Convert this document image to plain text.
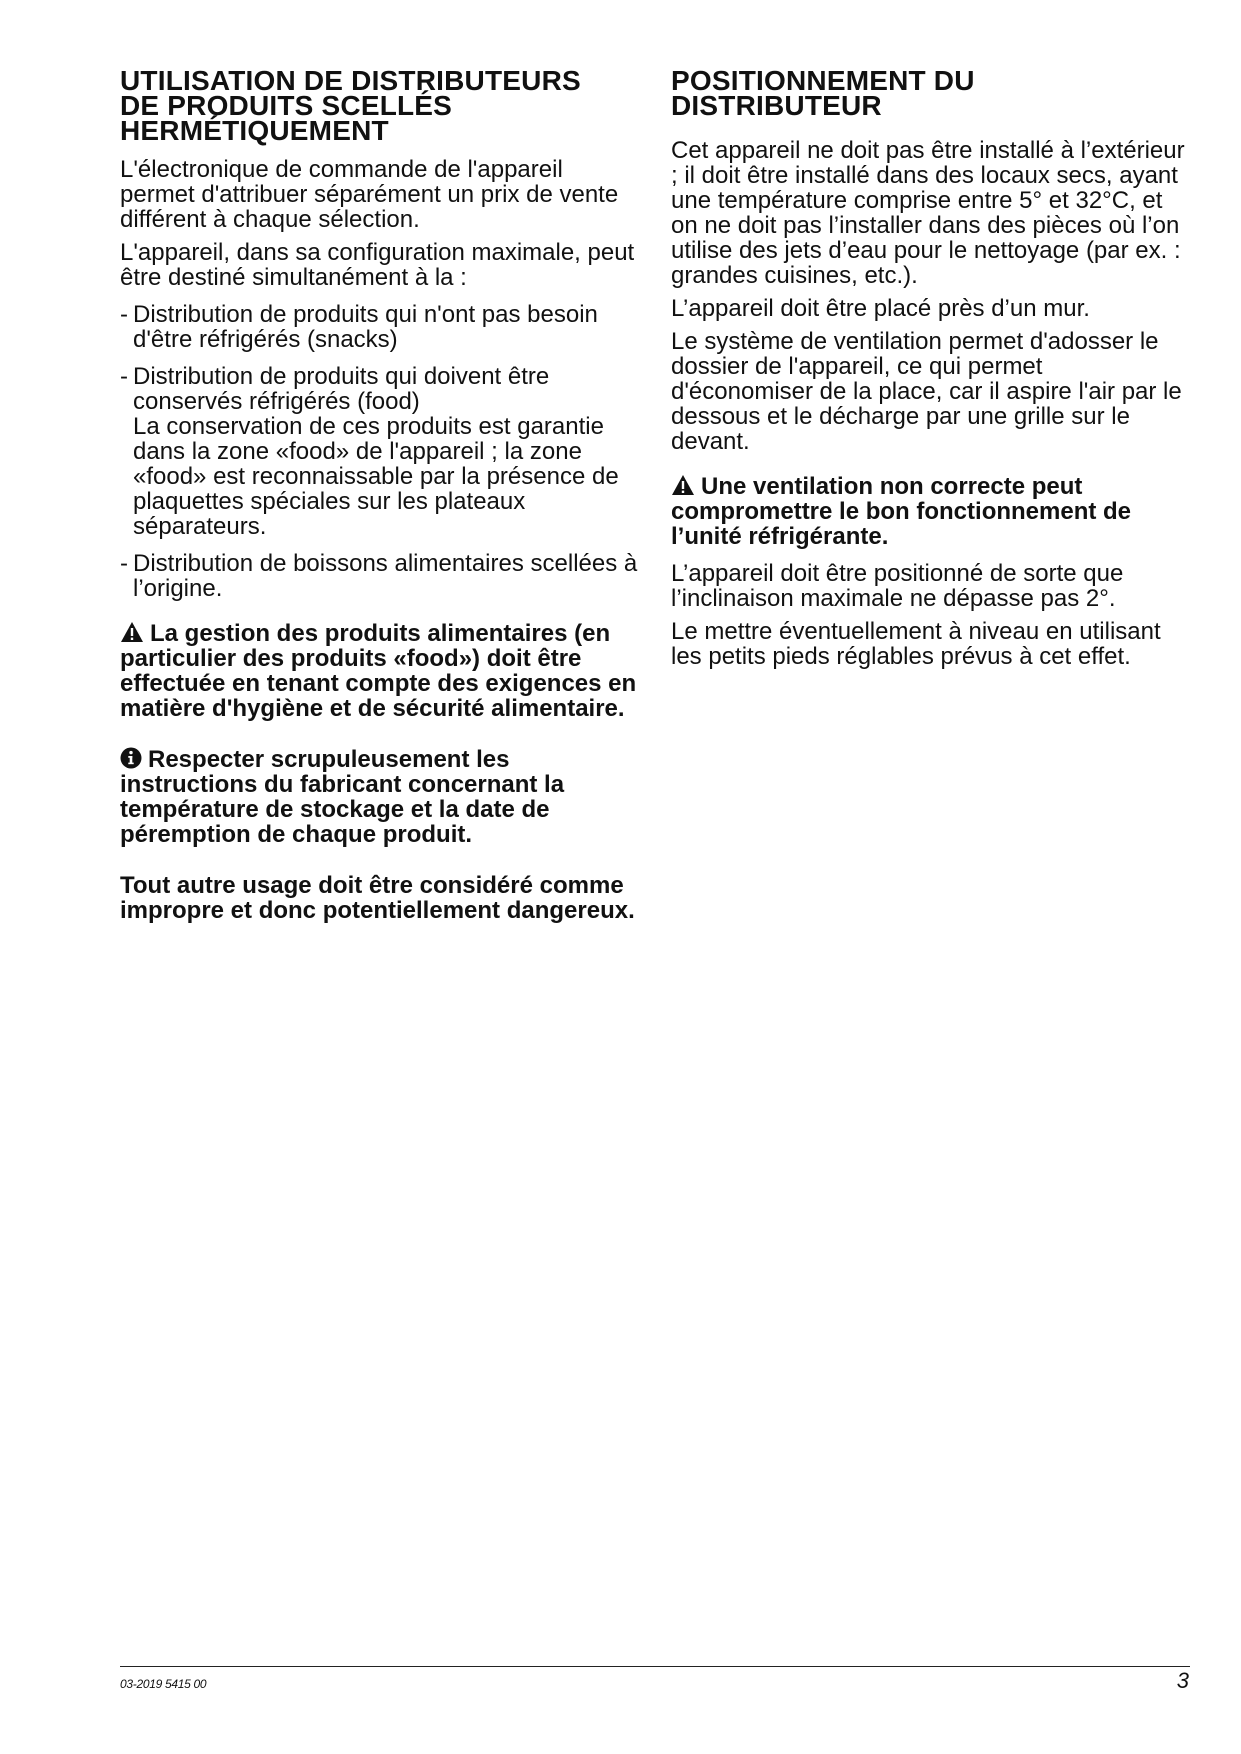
UTILISATION DE DISTRIBUTEURS
DE PRODUITS SCELLÉS
HERMÉTIQUEMENT

L'électronique de commande de l'appareil permet d'attribuer séparément un prix de vente différent à chaque sélection.

L'appareil, dans sa configuration maximale, peut être destiné simultanément à la :

- Distribution de produits qui n'ont pas besoin d'être réfrigérés (snacks)
- Distribution de produits qui doivent être conservés réfrigérés (food)
La conservation de ces produits est garantie dans la zone «food» de l'appareil ; la zone «food» est reconnaissable par la présence de plaquettes spéciales sur les plateaux séparateurs.
- Distribution de boissons alimentaires scellées à l’origine.

La gestion des produits alimentaires (en particulier des produits «food») doit être effectuée en tenant compte des exigences en matière d'hygiène et de sécurité alimentaire.

Respecter scrupuleusement les instructions du fabricant concernant la température de stockage et la date de péremption de chaque produit.

Tout autre usage doit être considéré comme impropre et donc potentiellement dangereux.

POSITIONNEMENT DU
DISTRIBUTEUR

Cet appareil ne doit pas être installé à l’extérieur ; il doit être installé dans des locaux secs, ayant une température comprise entre 5° et 32°C, et on ne doit pas l’installer dans des pièces où l’on utilise des jets d’eau pour le nettoyage (par ex. : grandes cuisines, etc.).

L’appareil doit être placé près d’un mur.

Le système de ventilation permet d'adosser le dossier de l'appareil, ce qui permet d'économiser de la place, car il aspire l'air par le dessous et le décharge par une grille sur le devant.

Une ventilation non correcte peut compromettre le bon fonctionnement de l’unité réfrigérante.

L’appareil doit être positionné de sorte que l’inclinaison maximale ne dépasse pas 2°.

Le mettre éventuellement à niveau en utilisant les petits pieds réglables prévus à cet effet.

03-2019 5415 00	3
